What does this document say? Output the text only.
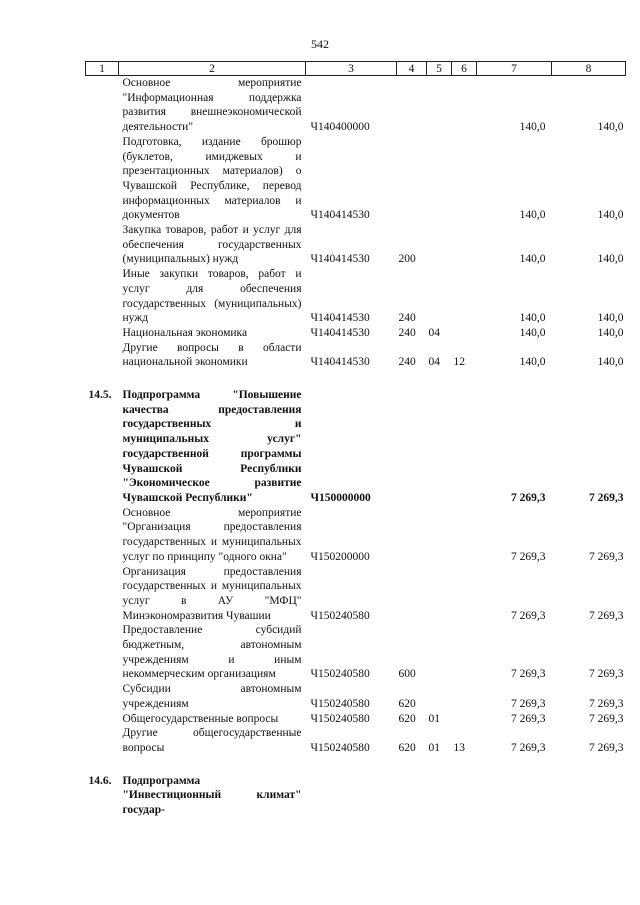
542
1	2	3	4	5	6	7	8
	Основное мероприятие "Информационная поддержка развития внешнеэкономической деятельности"	Ч140400000				140,0	140,0
	Подготовка, издание брошюр (буклетов, имиджевых и презентационных материалов) о Чувашской Республике, перевод информационных материалов и документов	Ч140414530				140,0	140,0
	Закупка товаров, работ и услуг для обеспечения государственных (муниципальных) нужд	Ч140414530	200			140,0	140,0
	Иные закупки товаров, работ и услуг для обеспечения государственных (муниципальных) нужд	Ч140414530	240			140,0	140,0
	Национальная экономика	Ч140414530	240	04		140,0	140,0
	Другие вопросы в области национальной экономики	Ч140414530	240	04	12	140,0	140,0

14.5.	Подпрограмма "Повышение качества предоставления государственных и муниципальных услуг" государственной программы Чувашской Республики "Экономическое развитие Чувашской Республики"	Ч150000000				7 269,3	7 269,3
	Основное мероприятие "Организация предоставления государственных и муниципальных услуг по принципу "одного окна"	Ч150200000				7 269,3	7 269,3
	Организация предоставления государственных и муниципальных услуг в АУ "МФЦ" Минэкономразвития Чувашии	Ч150240580				7 269,3	7 269,3
	Предоставление субсидий бюджетным, автономным учреждениям и иным некоммерческим организациям	Ч150240580	600			7 269,3	7 269,3
	Субсидии автономным учреждениям	Ч150240580	620			7 269,3	7 269,3
	Общегосударственные вопросы	Ч150240580	620	01		7 269,3	7 269,3
	Другие общегосударственные вопросы	Ч150240580	620	01	13	7 269,3	7 269,3

14.6.	Подпрограмма "Инвестиционный климат" государ-						
